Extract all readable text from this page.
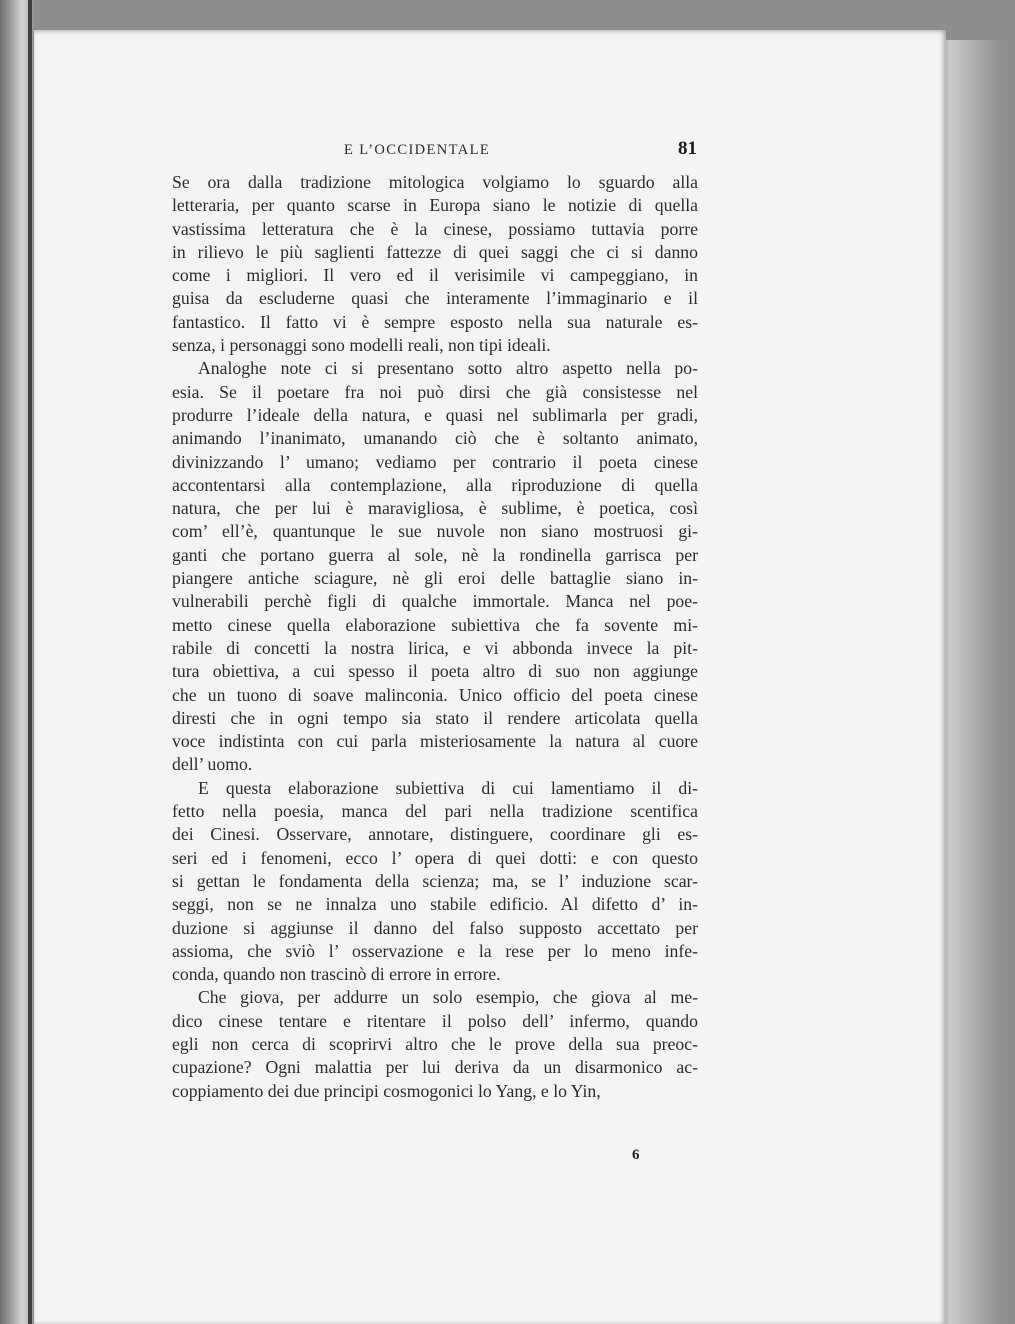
E L’OCCIDENTALE	81
Se ora dalla tradizione mitologica volgiamo lo sguardo alla
letteraria, per quanto scarse in Europa siano le notizie di quella
vastissima letteratura che è la cinese, possiamo tuttavia porre
in rilievo le più saglienti fattezze di quei saggi che ci si danno
come i migliori. Il vero ed il verisimile vi campeggiano, in
guisa da escluderne quasi che interamente l’immaginario e il
fantastico. Il fatto vi è sempre esposto nella sua naturale es-
senza, i personaggi sono modelli reali, non tipi ideali.
Analoghe note ci si presentano sotto altro aspetto nella po-
esia. Se il poetare fra noi può dirsi che già consistesse nel
produrre l’ideale della natura, e quasi nel sublimarla per gradi,
animando l’inanimato, umanando ciò che è soltanto animato,
divinizzando l’ umano; vediamo per contrario il poeta cinese
accontentarsi alla contemplazione, alla riproduzione di quella
natura, che per lui è maravigliosa, è sublime, è poetica, così
com’ ell’è, quantunque le sue nuvole non siano mostruosi gi-
ganti che portano guerra al sole, nè la rondinella garrisca per
piangere antiche sciagure, nè gli eroi delle battaglie siano in-
vulnerabili perchè figli di qualche immortale. Manca nel poe-
metto cinese quella elaborazione subiettiva che fa sovente mi-
rabile di concetti la nostra lirica, e vi abbonda invece la pit-
tura obiettiva, a cui spesso il poeta altro di suo non aggiunge
che un tuono di soave malinconia. Unico officio del poeta cinese
diresti che in ogni tempo sia stato il rendere articolata quella
voce indistinta con cui parla misteriosamente la natura al cuore
dell’ uomo.
E questa elaborazione subiettiva di cui lamentiamo il di-
fetto nella poesia, manca del pari nella tradizione scentifica
dei Cinesi. Osservare, annotare, distinguere, coordinare gli es-
seri ed i fenomeni, ecco l’ opera di quei dotti: e con questo
si gettan le fondamenta della scienza; ma, se l’ induzione scar-
seggi, non se ne innalza uno stabile edificio. Al difetto d’ in-
duzione si aggiunse il danno del falso supposto accettato per
assioma, che sviò l’ osservazione e la rese per lo meno infe-
conda, quando non trascinò di errore in errore.
Che giova, per addurre un solo esempio, che giova al me-
dico cinese tentare e ritentare il polso dell’ infermo, quando
egli non cerca di scoprirvi altro che le prove della sua preoc-
cupazione? Ogni malattia per lui deriva da un disarmonico ac-
coppiamento dei due principi cosmogonici lo Yang, e lo Yin,
6
